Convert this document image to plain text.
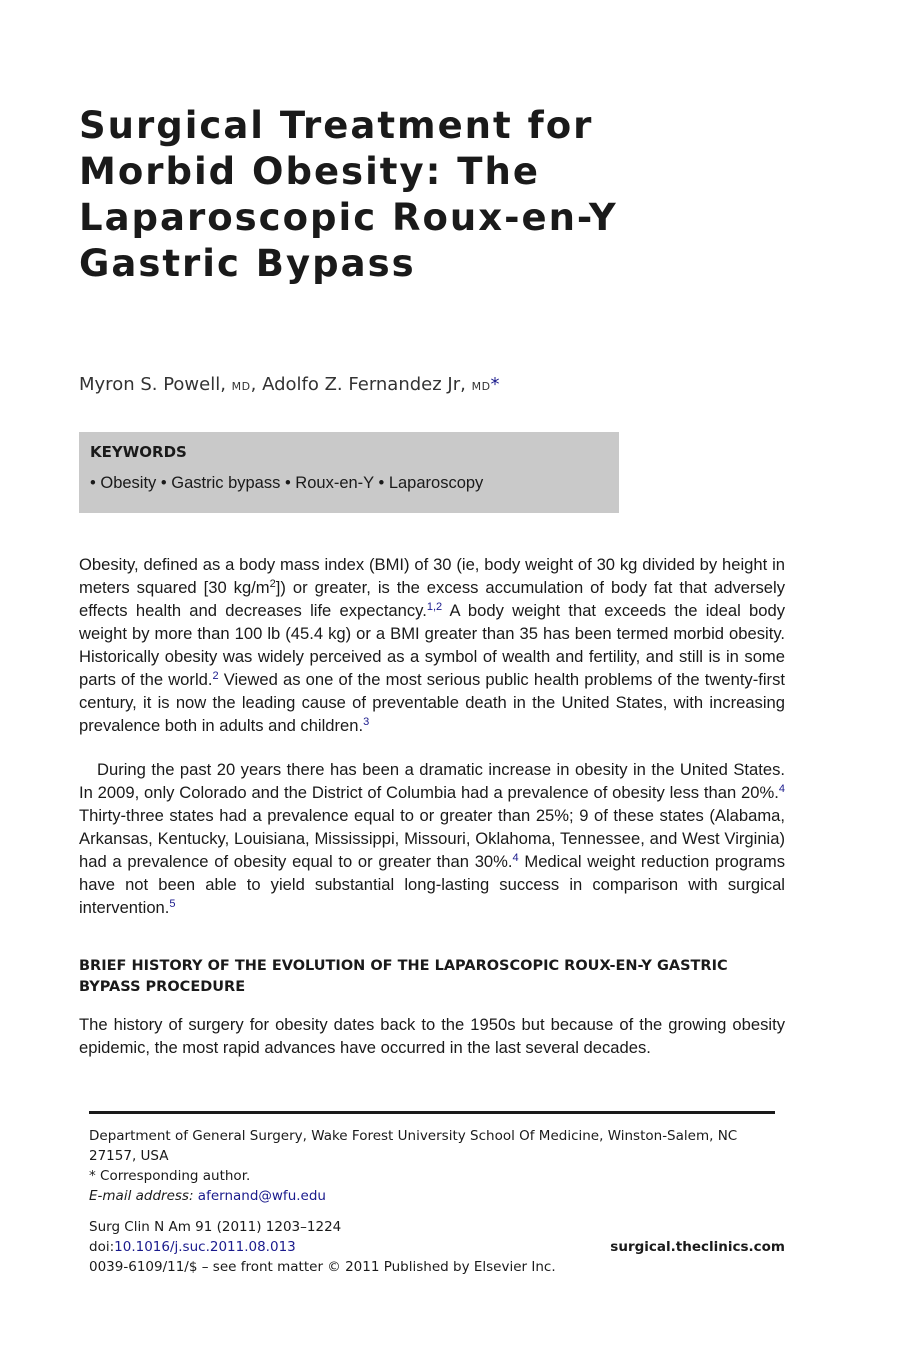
Surgical Treatment for Morbid Obesity: The Laparoscopic Roux-en-Y Gastric Bypass
Myron S. Powell, MD, Adolfo Z. Fernandez Jr, MD*
KEYWORDS
• Obesity • Gastric bypass • Roux-en-Y • Laparoscopy

Obesity, defined as a body mass index (BMI) of 30 (ie, body weight of 30 kg divided by height in meters squared [30 $kg/m^2$]) or greater, is the excess accumulation of body fat that adversely effects health and decreases life expectancy.$^{1,2}$ A body weight that exceeds the ideal body weight by more than 100 lb (45.4 kg) or a BMI greater than 35 has been termed morbid obesity. Historically obesity was widely perceived as a symbol of wealth and fertility, and still is in some parts of the world.$^2$ Viewed as one of the most serious public health problems of the twenty-first century, it is now the leading cause of preventable death in the United States, with increasing prevalence both in adults and children.$^3$

During the past 20 years there has been a dramatic increase in obesity in the United States. In 2009, only Colorado and the District of Columbia had a prevalence of obesity less than 20%.$^4$ Thirty-three states had a prevalence equal to or greater than 25%; 9 of these states (Alabama, Arkansas, Kentucky, Louisiana, Mississippi, Missouri, Oklahoma, Tennessee, and West Virginia) had a prevalence of obesity equal to or greater than 30%.$^4$ Medical weight reduction programs have not been able to yield substantial long-lasting success in comparison with surgical intervention.$^5$

BRIEF HISTORY OF THE EVOLUTION OF THE LAPAROSCOPIC ROUX-EN-Y GASTRIC BYPASS PROCEDURE

The history of surgery for obesity dates back to the 1950s but because of the growing obesity epidemic, the most rapid advances have occurred in the last several decades.

Department of General Surgery, Wake Forest University School Of Medicine, Winston-Salem, NC 27157, USA
* Corresponding author.
E-mail address: afernand@wfu.edu
Surg Clin N Am 91 (2011) 1203–1224
doi:10.1016/j.suc.2011.08.013
0039-6109/11/$ – see front matter © 2011 Published by Elsevier Inc.
surgical.theclinics.com
